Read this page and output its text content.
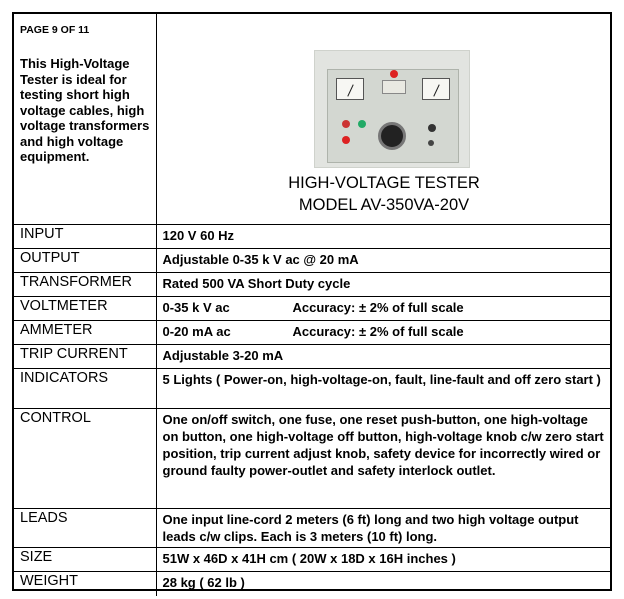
PAGE 9 OF 11
This High-Voltage Tester is ideal for testing short high voltage cables, high voltage transformers and high voltage equipment.
HIGH-VOLTAGE TESTER
MODEL AV-350VA-20V
INPUT	120 V 60 Hz
OUTPUT	Adjustable 0-35 k V ac @ 20 mA
TRANSFORMER	Rated 500 VA Short Duty cycle
VOLTMETER	0-35 k V ac Accuracy: ± 2% of full scale
AMMETER	0-20 mA ac Accuracy: ± 2% of full scale
TRIP CURRENT	Adjustable 3-20 mA
INDICATORS	5 Lights ( Power-on, high-voltage-on, fault, line-fault and off zero start )
CONTROL	One on/off switch, one fuse, one reset push-button, one high-voltage on button, one high-voltage off button, high-voltage knob c/w zero start position, trip current adjust knob, safety device for incorrectly wired or ground faulty power-outlet and safety interlock outlet.
LEADS	One input line-cord 2 meters (6 ft) long and two high voltage output leads c/w clips. Each is 3 meters (10 ft) long.
SIZE	51W x 46D x 41H cm ( 20W x 18D x 16H inches )
WEIGHT	28 kg ( 62 lb )
